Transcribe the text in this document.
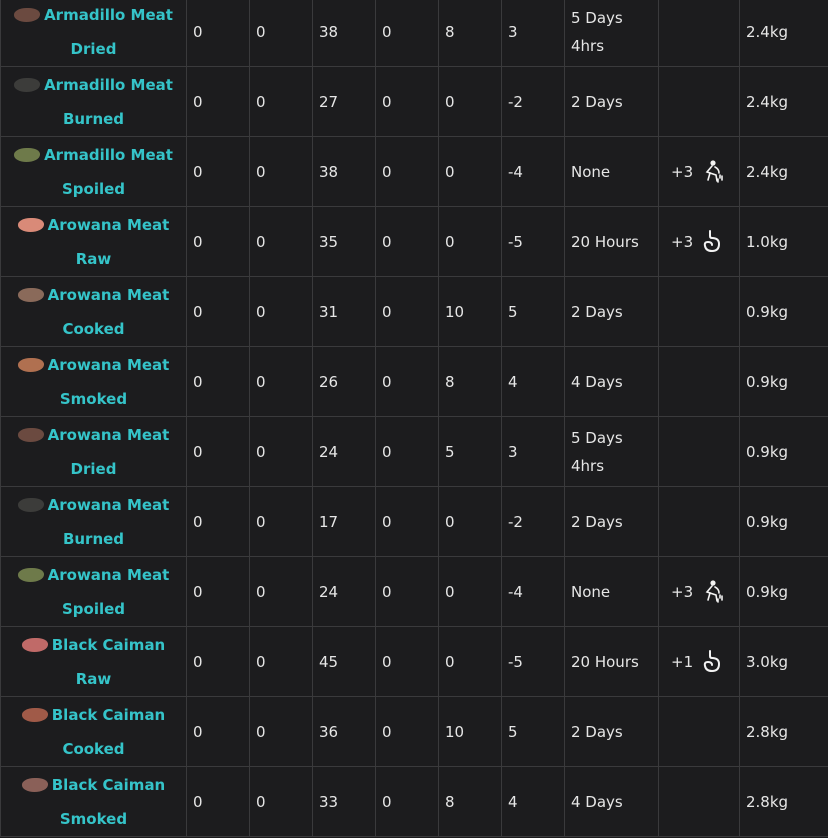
Armadillo Meat
Dried	0	0	38	0	8	3	5 Days 4hrs		2.4kg

Armadillo Meat
Burned	0	0	27	0	0	-2	2 Days		2.4kg

Armadillo Meat
Spoiled	0	0	38	0	0	-4	None	+3	2.4kg

Arowana Meat
Raw	0	0	35	0	0	-5	20 Hours	+3	1.0kg

Arowana Meat
Cooked	0	0	31	0	10	5	2 Days		0.9kg

Arowana Meat
Smoked	0	0	26	0	8	4	4 Days		0.9kg

Arowana Meat
Dried	0	0	24	0	5	3	5 Days 4hrs		0.9kg

Arowana Meat
Burned	0	0	17	0	0	-2	2 Days		0.9kg

Arowana Meat
Spoiled	0	0	24	0	0	-4	None	+3	0.9kg

Black Caiman
Raw	0	0	45	0	0	-5	20 Hours	+1	3.0kg

Black Caiman
Cooked	0	0	36	0	10	5	2 Days		2.8kg

Black Caiman
Smoked	0	0	33	0	8	4	4 Days		2.8kg
